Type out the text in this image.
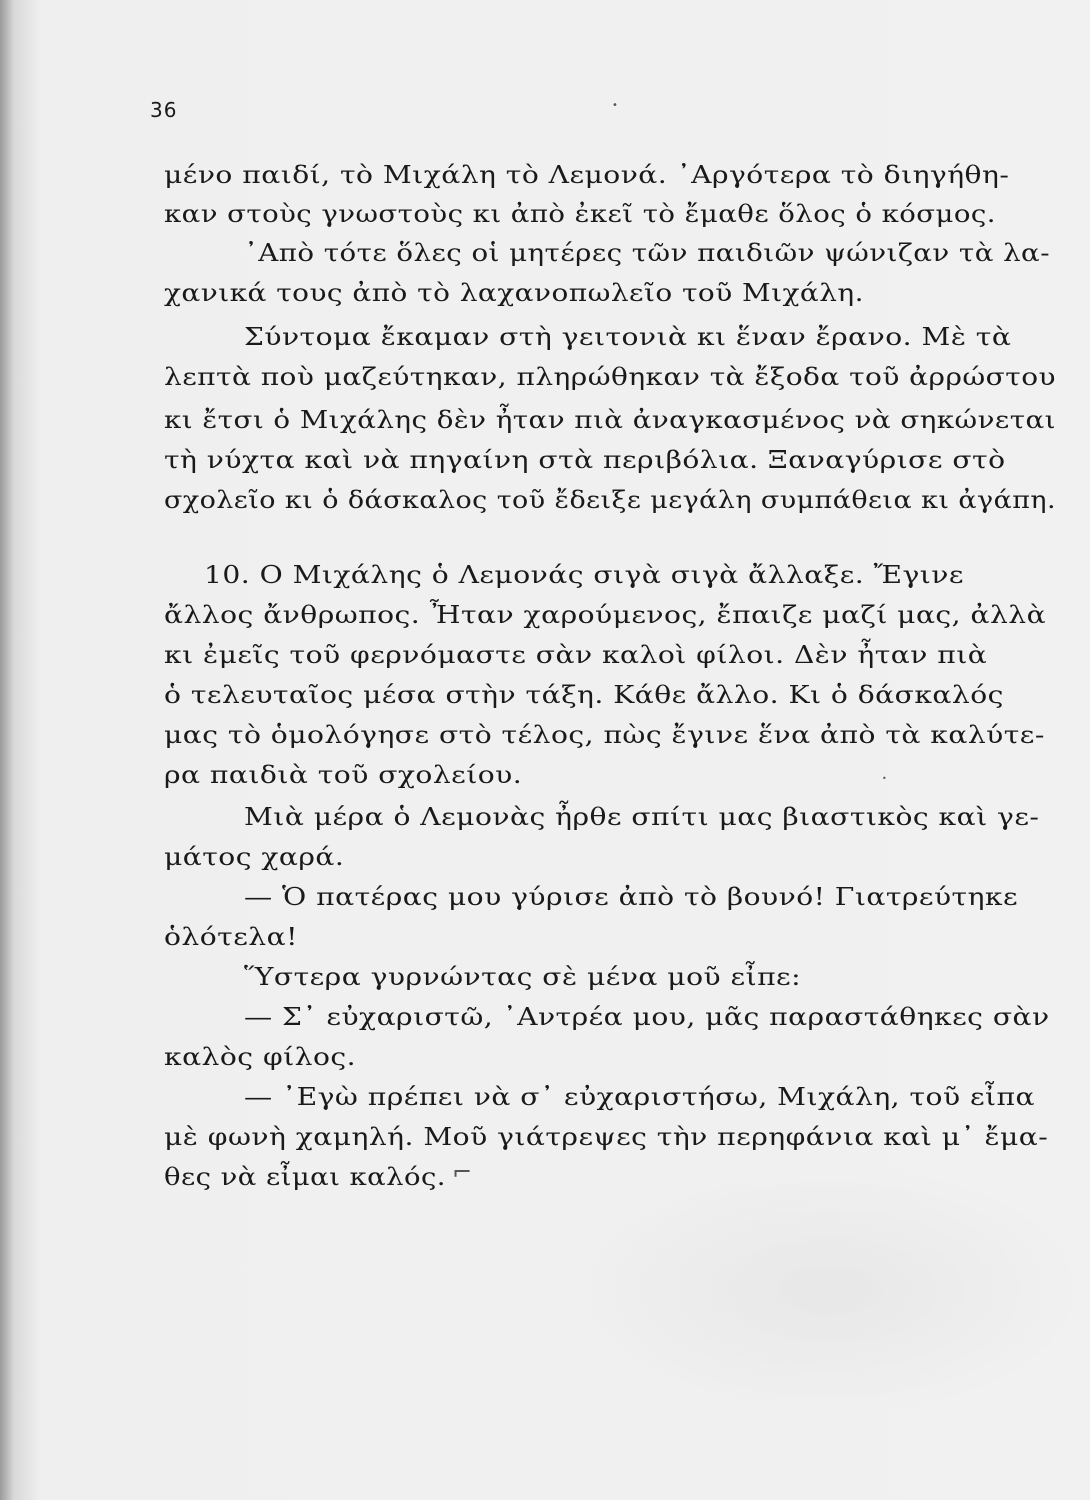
36
μένο παιδί, τὸ Μιχάλη τὸ Λεμονά. ᾿Αργότερα τὸ διηγήθη-
καν στοὺς γνωστοὺς κι ἀπὸ ἐκεῖ τὸ ἔμαθε ὅλος ὁ κόσμος.
᾿Απὸ τότε ὅλες οἱ μητέρες τῶν παιδιῶν ψώνιζαν τὰ λα-
χανικά τους ἀπὸ τὸ λαχανοπωλεῖο τοῦ Μιχάλη.
Σύντομα ἔκαμαν στὴ γειτονιὰ κι ἕναν ἔρανο. Μὲ τὰ
λεπτὰ ποὺ μαζεύτηκαν, πληρώθηκαν τὰ ἔξοδα τοῦ ἀρρώστου
κι ἔτσι ὁ Μιχάλης δὲν ἦταν πιὰ ἀναγκασμένος νὰ σηκώνεται
τὴ νύχτα καὶ νὰ πηγαίνη στὰ περιβόλια. Ξαναγύρισε στὸ
σχολεῖο κι ὁ δάσκαλος τοῦ ἔδειξε μεγάλη συμπάθεια κι ἀγάπη.
10. Ο Μιχάλης ὁ Λεμονάς σιγὰ σιγὰ ἄλλαξε. Ἔγινε
ἄλλος ἄνθρωπος. Ἦταν χαρούμενος, ἔπαιζε μαζί μας, ἀλλὰ
κι ἐμεῖς τοῦ φερνόμαστε σὰν καλοὶ φίλοι. Δὲν ἦταν πιὰ
ὁ τελευταῖος μέσα στὴν τάξη. Κάθε ἄλλο. Κι ὁ δάσκαλός
μας τὸ ὁμολόγησε στὸ τέλος, πὼς ἔγινε ἕνα ἀπὸ τὰ καλύτε-
ρα παιδιὰ τοῦ σχολείου.
Μιὰ μέρα ὁ Λεμονὰς ἦρθε σπίτι μας βιαστικὸς καὶ γε-
μάτος χαρά.
— Ὁ πατέρας μου γύρισε ἀπὸ τὸ βουνό! Γιατρεύτηκε
ὁλότελα!
Ὕστερα γυρνώντας σὲ μένα μοῦ εἶπε:
— Σ᾿ εὐχαριστῶ, ᾿Αντρέα μου, μᾶς παραστάθηκες σὰν
καλὸς φίλος.
— ᾿Εγὼ πρέπει νὰ σ᾿ εὐχαριστήσω, Μιχάλη, τοῦ εἶπα
μὲ φωνὴ χαμηλή. Μοῦ γιάτρεψες τὴν περηφάνια καὶ μ᾿ ἔμα-
θες νὰ εἶμαι καλός. ⌐
•
•
